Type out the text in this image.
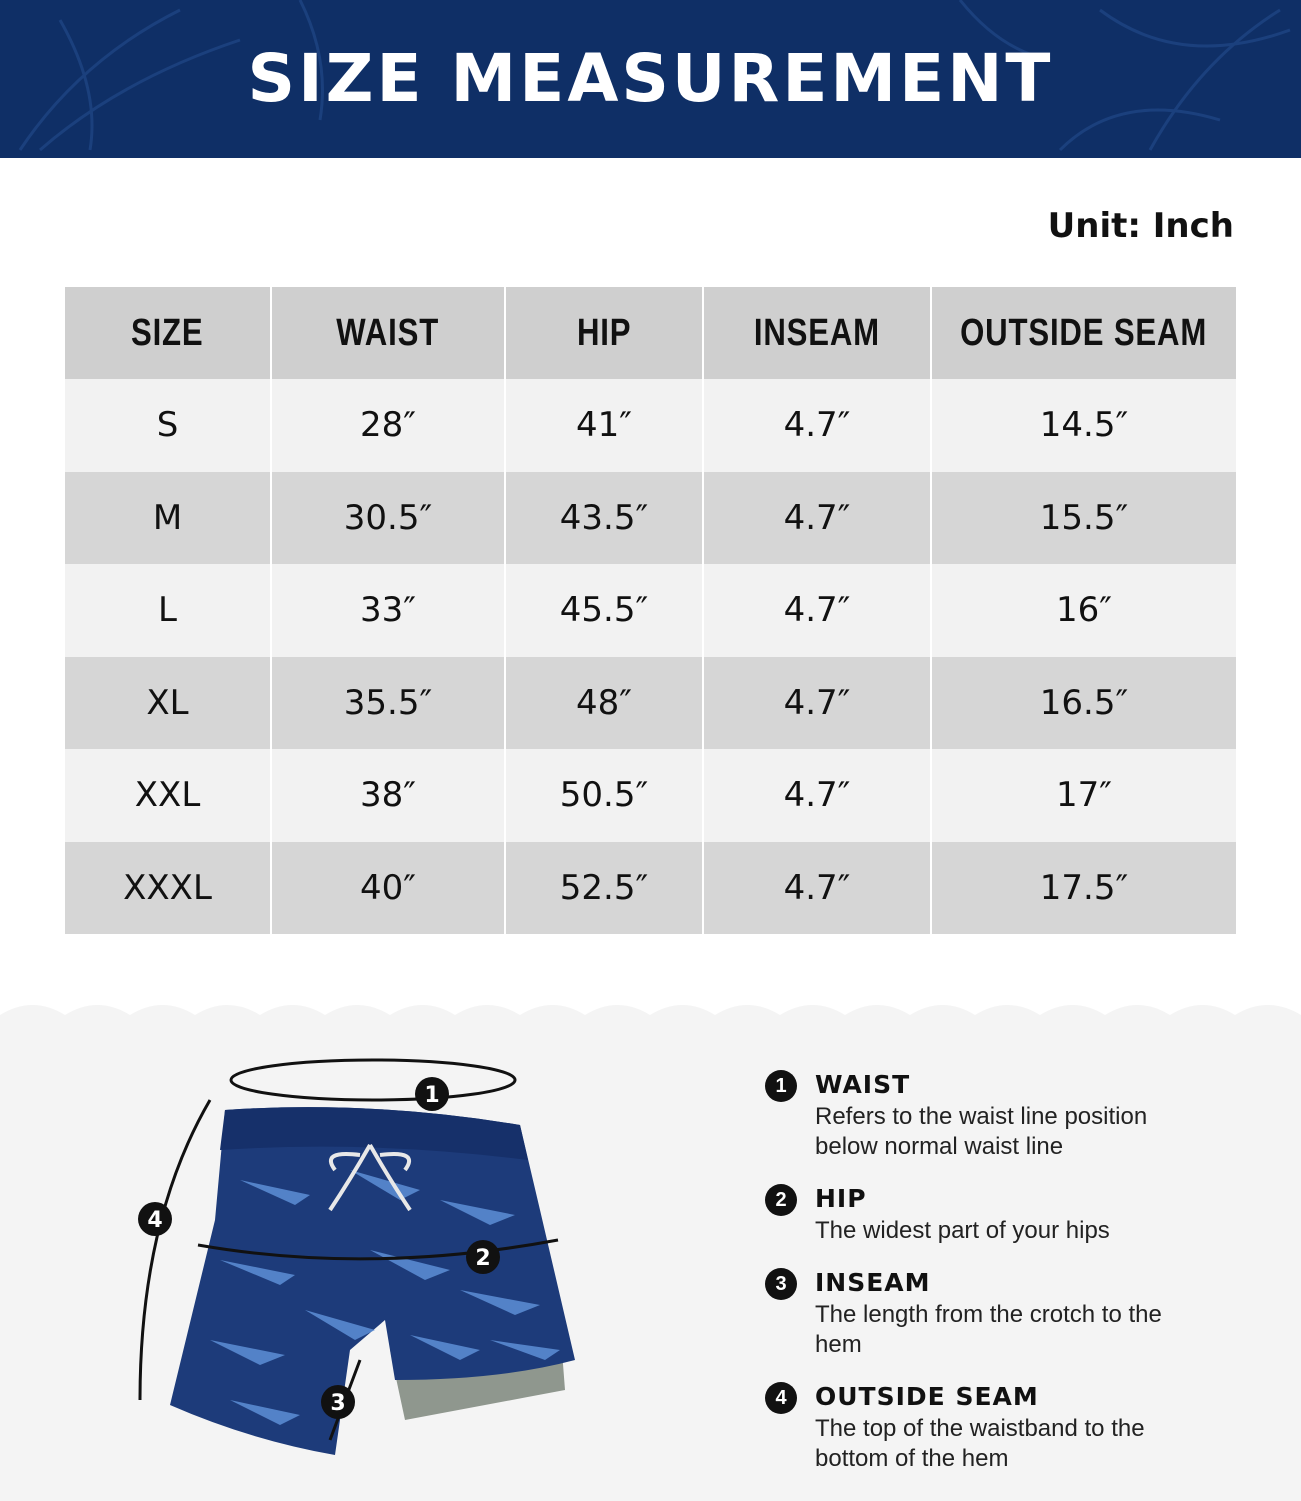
SIZE MEASUREMENT
Unit: Inch
SIZE	WAIST	HIP	INSEAM	OUTSIDE SEAM
S	28″	41″	4.7″	14.5″
M	30.5″	43.5″	4.7″	15.5″
L	33″	45.5″	4.7″	16″
XL	35.5″	48″	4.7″	16.5″
XXL	38″	50.5″	4.7″	17″
XXXL	40″	52.5″	4.7″	17.5″
1
2
3
4
1	WAIST
Refers to the waist line position below normal waist line
2	HIP
The widest part of your hips
3	INSEAM
The length from the crotch to the hem
4	OUTSIDE SEAM
The top of the waistband to the bottom of the hem
